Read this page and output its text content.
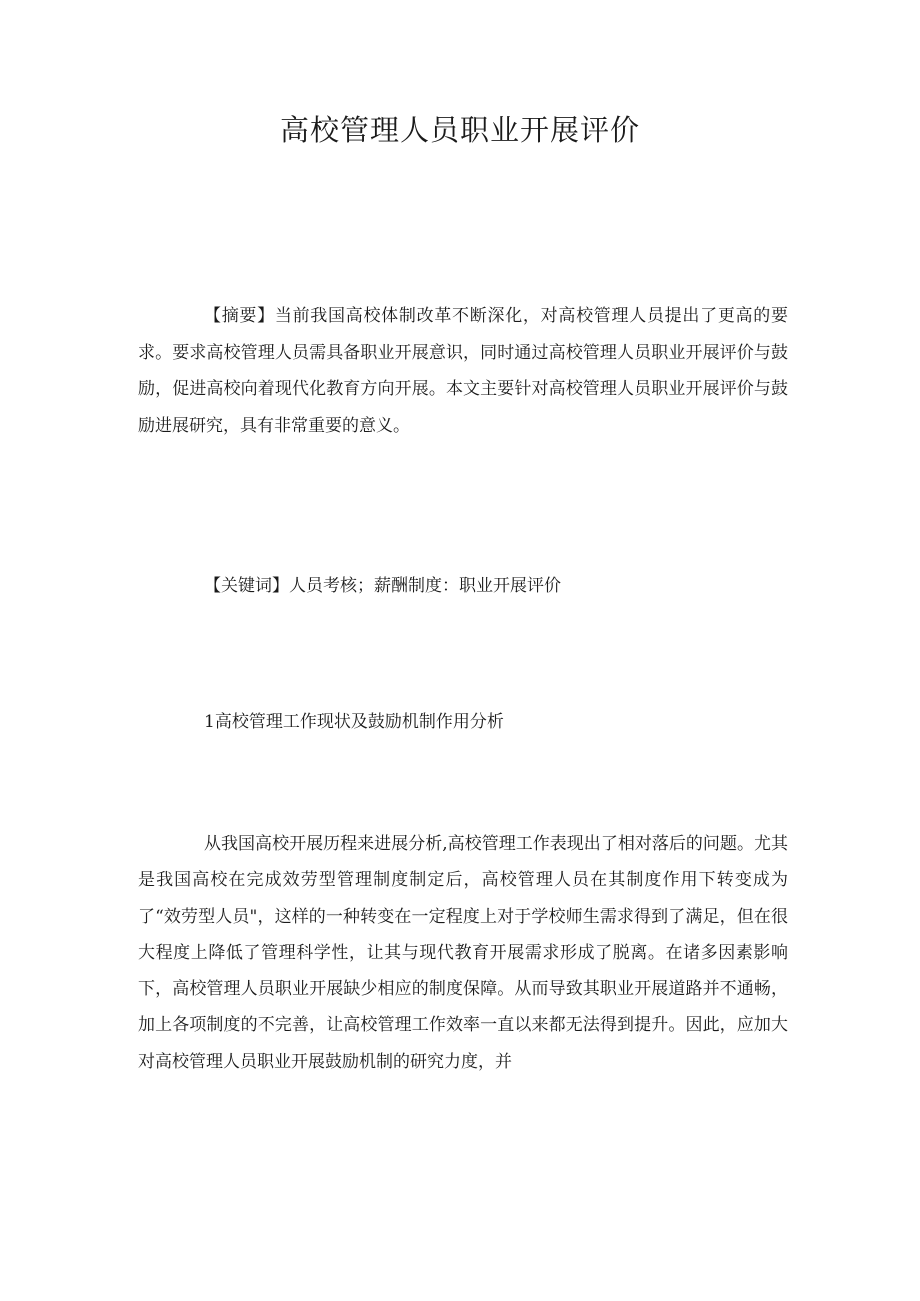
高校管理人员职业开展评价

【摘要】当前我国高校体制改革不断深化，对高校管理人员提出了更高的要求。要求高校管理人员需具备职业开展意识，同时通过高校管理人员职业开展评价与鼓励，促进高校向着现代化教育方向开展。本文主要针对高校管理人员职业开展评价与鼓励进展研究，具有非常重要的意义。

【关键词】人员考核；薪酬制度：职业开展评价

1高校管理工作现状及鼓励机制作用分析

从我国高校开展历程来进展分析,高校管理工作表现出了相对落后的问题。尤其是我国高校在完成效劳型管理制度制定后，高校管理人员在其制度作用下转变成为了“效劳型人员"，这样的一种转变在一定程度上对于学校师生需求得到了满足，但在很大程度上降低了管理科学性，让其与现代教育开展需求形成了脱离。在诸多因素影响下，高校管理人员职业开展缺少相应的制度保障。从而导致其职业开展道路并不通畅，加上各项制度的不完善，让高校管理工作效率一直以来都无法得到提升。因此，应加大对高校管理人员职业开展鼓励机制的研究力度，并
